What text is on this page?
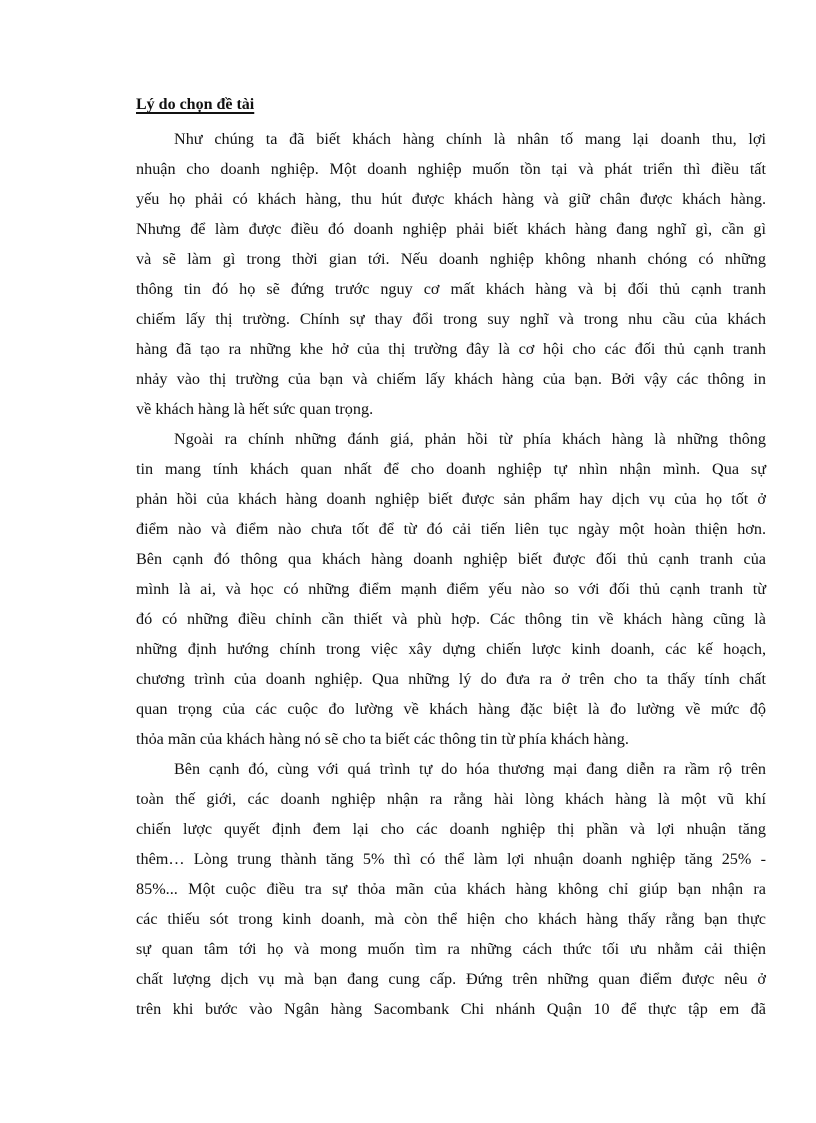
Lý do chọn đề tài
Như chúng ta đã biết khách hàng chính là nhân tố mang lại doanh thu, lợi
nhuận cho doanh nghiệp. Một doanh nghiệp muốn tồn tại và phát triển thì điều tất
yếu họ phải có khách hàng, thu hút được khách hàng và giữ chân được khách hàng.
Nhưng để làm được điều đó doanh nghiệp phải biết khách hàng đang nghĩ gì, cần gì
và sẽ làm gì trong thời gian tới. Nếu doanh nghiệp không nhanh chóng có những
thông tin đó họ sẽ đứng trước nguy cơ mất khách hàng và bị đối thủ cạnh tranh
chiếm lấy thị trường. Chính sự thay đổi trong suy nghĩ và trong nhu cầu của khách
hàng đã tạo ra những khe hở của thị trường đây là cơ hội cho các đối thủ cạnh tranh
nhảy vào thị trường của bạn và chiếm lấy khách hàng của bạn. Bởi vậy các thông in
về khách hàng là hết sức quan trọng.
Ngoài ra chính những đánh giá, phản hồi từ phía khách hàng là những thông
tin mang tính khách quan nhất để cho doanh nghiệp tự nhìn nhận mình. Qua sự
phản hồi của khách hàng doanh nghiệp biết được sản phẩm hay dịch vụ của họ tốt ở
điểm nào và điểm nào chưa tốt để từ đó cải tiến liên tục ngày một hoàn thiện hơn.
Bên cạnh đó thông qua khách hàng doanh nghiệp biết được đối thủ cạnh tranh của
mình là ai, và học có những điểm mạnh điểm yếu nào so với đối thủ cạnh tranh từ
đó có những điều chỉnh cần thiết và phù hợp. Các thông tin về khách hàng cũng là
những định hướng chính trong việc xây dựng chiến lược kinh doanh, các kế hoạch,
chương trình của doanh nghiệp. Qua những lý do đưa ra ở trên cho ta thấy tính chất
quan trọng của các cuộc đo lường về khách hàng đặc biệt là đo lường về mức độ
thỏa mãn của khách hàng nó sẽ cho ta biết các thông tin từ phía khách hàng.
Bên cạnh đó, cùng với quá trình tự do hóa thương mại đang diễn ra rầm rộ trên
toàn thế giới, các doanh nghiệp nhận ra rằng hài lòng khách hàng là một vũ khí
chiến lược quyết định đem lại cho các doanh nghiệp thị phần và lợi nhuận tăng
thêm… Lòng trung thành tăng 5% thì có thể làm lợi nhuận doanh nghiệp tăng 25% -
85%... Một cuộc điều tra sự thỏa mãn của khách hàng không chỉ giúp bạn nhận ra
các thiếu sót trong kinh doanh, mà còn thể hiện cho khách hàng thấy rằng bạn thực
sự quan tâm tới họ và mong muốn tìm ra những cách thức tối ưu nhằm cải thiện
chất lượng dịch vụ mà bạn đang cung cấp. Đứng trên những quan điểm được nêu ở
trên khi bước vào Ngân hàng Sacombank Chi nhánh Quận 10 để thực tập em đã
